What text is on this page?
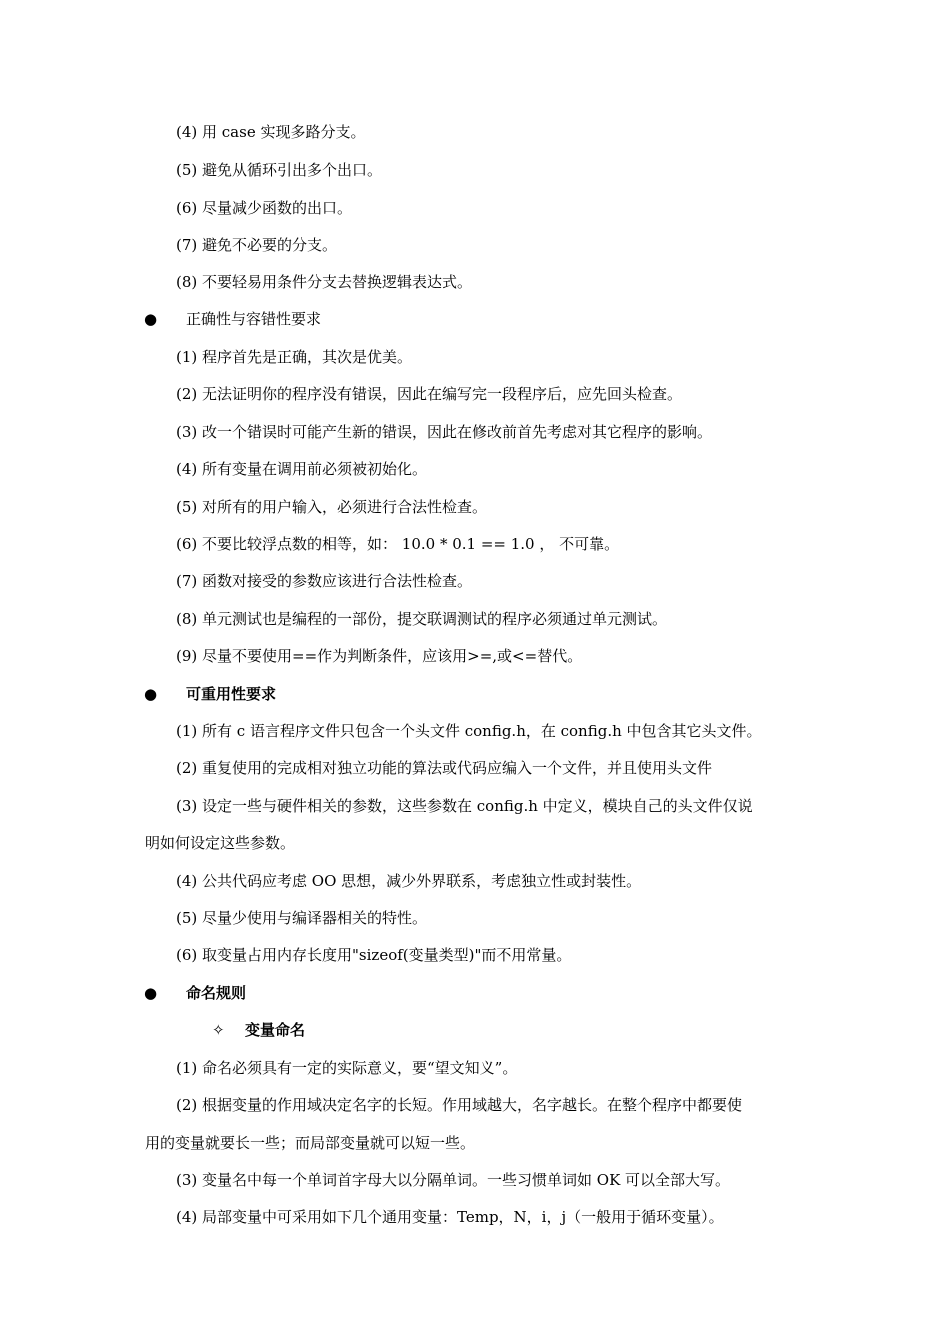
(4) 用 case 实现多路分支。
(5) 避免从循环引出多个出口。
(6) 尽量减少函数的出口。
(7) 避免不必要的分支。
(8) 不要轻易用条件分支去替换逻辑表达式。
● 正确性与容错性要求
(1) 程序首先是正确，其次是优美。
(2) 无法证明你的程序没有错误，因此在编写完一段程序后，应先回头检查。
(3) 改一个错误时可能产生新的错误，因此在修改前首先考虑对其它程序的影响。
(4) 所有变量在调用前必须被初始化。
(5) 对所有的用户输入，必须进行合法性检查。
(6) 不要比较浮点数的相等，如： 10.0 * 0.1 == 1.0 ， 不可靠。
(7) 函数对接受的参数应该进行合法性检查。
(8) 单元测试也是编程的一部份，提交联调测试的程序必须通过单元测试。
(9) 尽量不要使用==作为判断条件，应该用>=,或<=替代。
● 可重用性要求
(1) 所有 c 语言程序文件只包含一个头文件 config.h，在 config.h 中包含其它头文件。
(2) 重复使用的完成相对独立功能的算法或代码应编入一个文件，并且使用头文件
(3) 设定一些与硬件相关的参数，这些参数在 config.h 中定义，模块自己的头文件仅说
明如何设定这些参数。
(4) 公共代码应考虑 OO 思想，减少外界联系，考虑独立性或封装性。
(5) 尽量少使用与编译器相关的特性。
(6) 取变量占用内存长度用"sizeof(变量类型)"而不用常量。
● 命名规则
✧ 变量命名
(1) 命名必须具有一定的实际意义，要“望文知义”。
(2) 根据变量的作用域决定名字的长短。作用域越大，名字越长。在整个程序中都要使
用的变量就要长一些；而局部变量就可以短一些。
(3) 变量名中每一个单词首字母大以分隔单词。一些习惯单词如 OK 可以全部大写。
(4) 局部变量中可采用如下几个通用变量：Temp，N，i，j（一般用于循环变量）。
